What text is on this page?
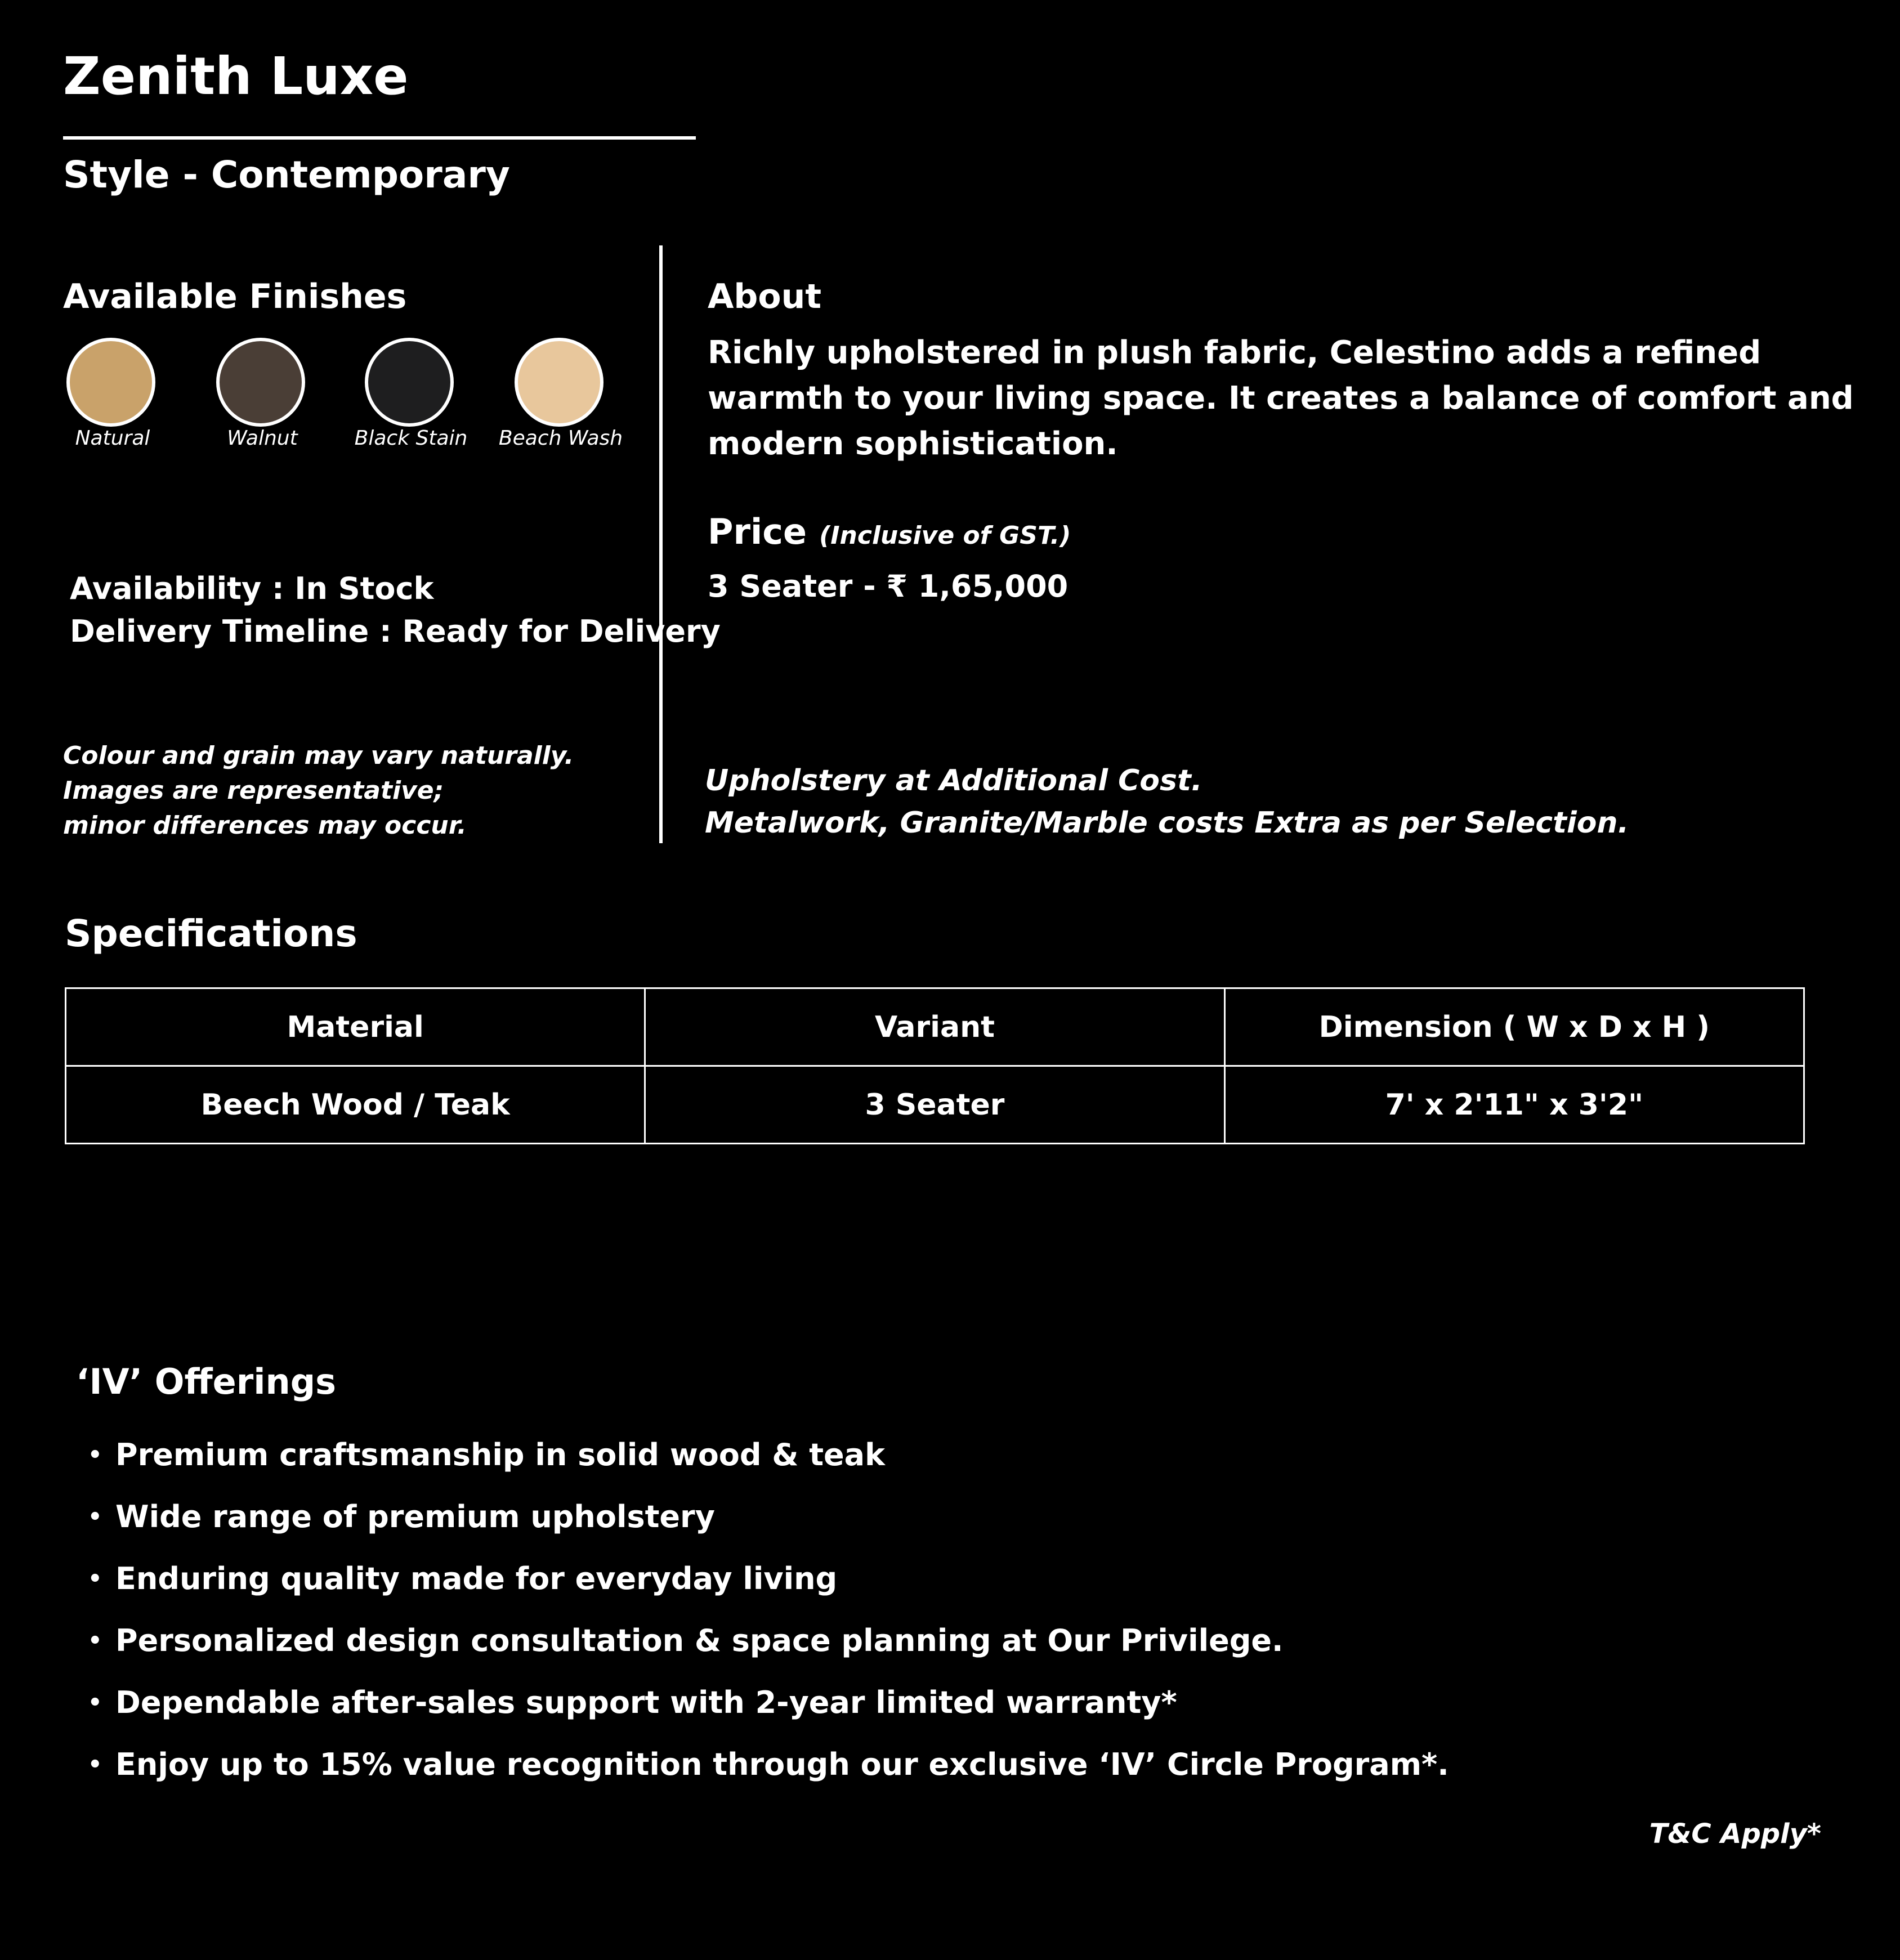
Zenith Luxe
Style - Contemporary
Available Finishes
Natural	Walnut	Black Stain	Beach Wash
Availability : In Stock
Delivery Timeline : Ready for Delivery
Colour and grain may vary naturally.
Images are representative;
minor differences may occur.
About
Richly upholstered in plush fabric, Celestino adds a refined
warmth to your living space. It creates a balance of comfort and
modern sophistication.
Price (Inclusive of GST.)
3 Seater - ₹ 1,65,000
Upholstery at Additional Cost.
Metalwork, Granite/Marble costs Extra as per Selection.
Specifications
Material	Variant	Dimension ( W x D x H )
Beech Wood / Teak	3 Seater	7' x 2'11" x 3'2"
‘IV’ Offerings
• Premium craftsmanship in solid wood & teak
• Wide range of premium upholstery
• Enduring quality made for everyday living
• Personalized design consultation & space planning at Our Privilege.
• Dependable after-sales support with 2-year limited warranty*
• Enjoy up to 15% value recognition through our exclusive ‘IV’ Circle Program*.
T&C Apply*
